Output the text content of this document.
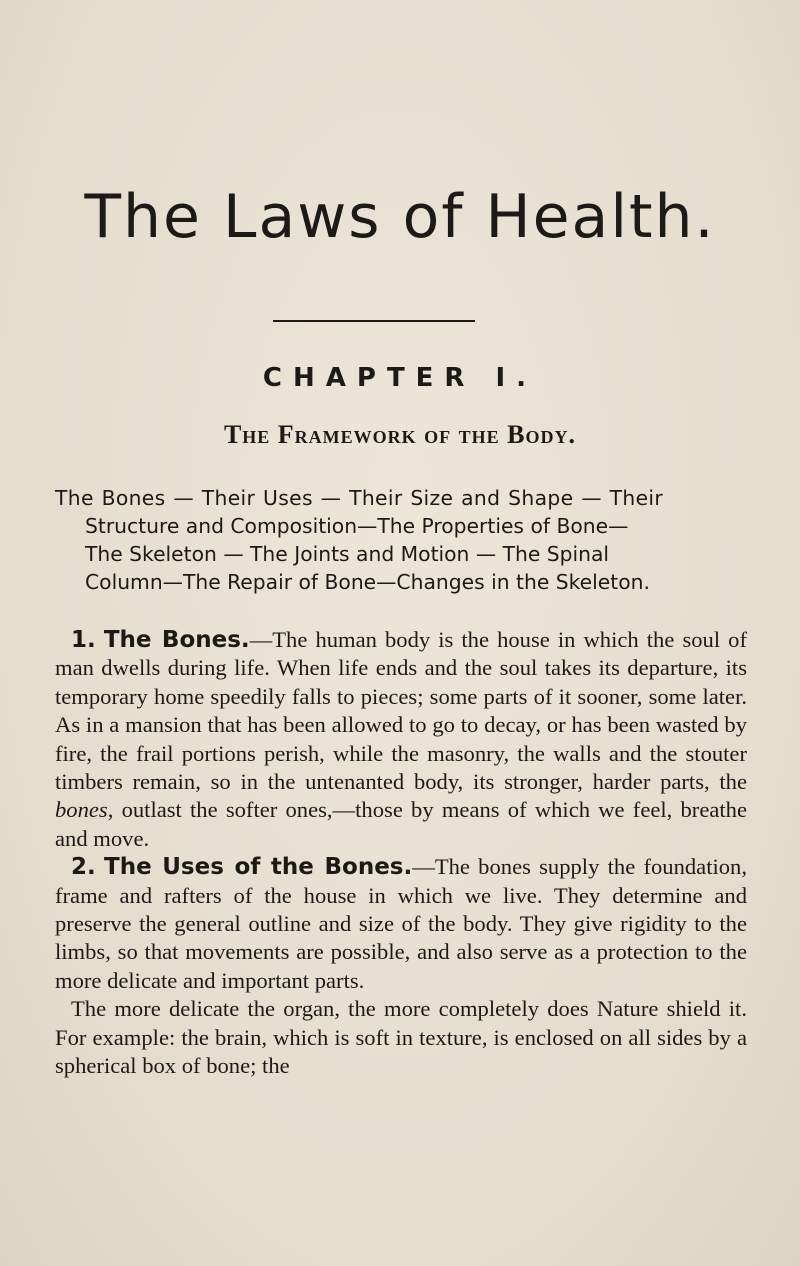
The Laws of Health.
CHAPTER I.
The Framework of the Body.
The Bones — Their Uses — Their Size and Shape — Their
Structure and Composition—The Properties of Bone—
The Skeleton — The Joints and Motion — The Spinal
Column—The Repair of Bone—Changes in the Skeleton.

1. The Bones.—The human body is the house in which the soul of man dwells during life. When life ends and the soul takes its departure, its temporary home speedily falls to pieces; some parts of it sooner, some later. As in a mansion that has been allowed to go to decay, or has been wasted by fire, the frail portions perish, while the masonry, the walls and the stouter timbers remain, so in the untenanted body, its stronger, harder parts, the bones, outlast the softer ones,—those by means of which we feel, breathe and move.

2. The Uses of the Bones.—The bones supply the foundation, frame and rafters of the house in which we live. They determine and preserve the general outline and size of the body. They give rigidity to the limbs, so that movements are possible, and also serve as a protection to the more delicate and important parts.

The more delicate the organ, the more completely does Nature shield it. For example: the brain, which is soft in texture, is enclosed on all sides by a spherical box of bone; the
